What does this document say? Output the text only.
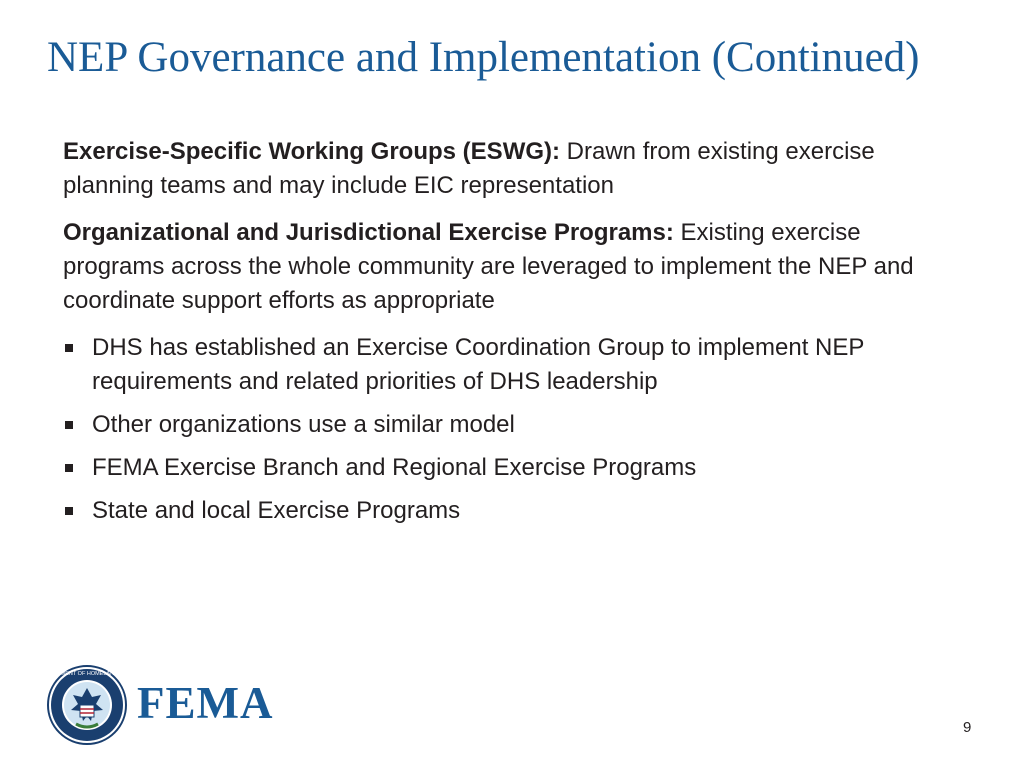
NEP Governance and Implementation (Continued)

Exercise-Specific Working Groups (ESWG): Drawn from existing exercise planning teams and may include EIC representation

Organizational and Jurisdictional Exercise Programs: Existing exercise programs across the whole community are leveraged to implement the NEP and coordinate support efforts as appropriate

DHS has established an Exercise Coordination Group to implement NEP requirements and related priorities of DHS leadership
Other organizations use a similar model
FEMA Exercise Branch and Regional Exercise Programs
State and local Exercise Programs
U.S. DEPARTMENT OF HOMELAND SECURITY
FEMA	9
